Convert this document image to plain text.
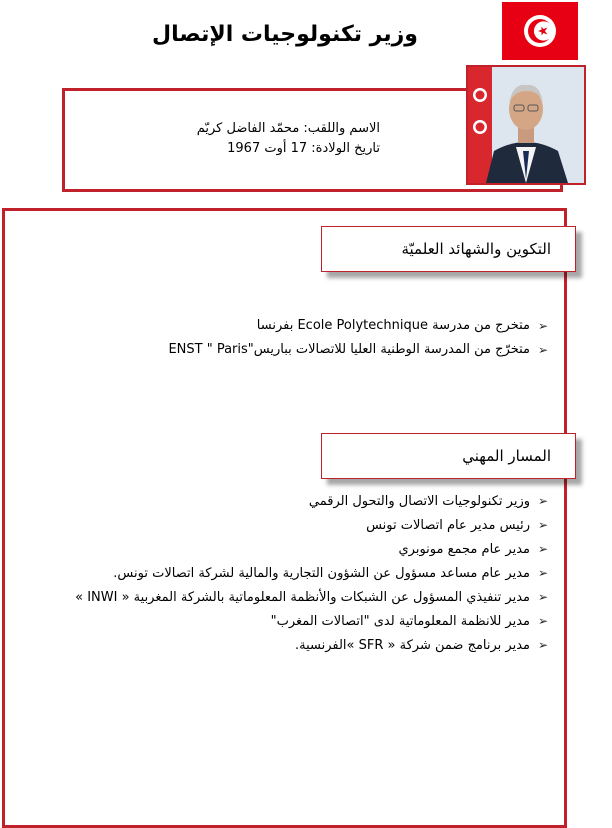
وزير تكنولوجيات الإتصال
الاسم واللقب: محمّد الفاضل كريّم
تاريخ الولادة: 17 أوت 1967
التكوين والشهائد العلميّة
➢
متخرج من مدرسة Ecole Polytechnique بفرنسا
➢
متخرّج من المدرسة الوطنية العليا للاتصالات بباريس"ENST " Paris
المسار المهني
➢
وزير تكنولوجيات الاتصال والتحول الرقمي
➢
رئيس مدير عام اتصالات تونس
➢
مدير عام مجمع مونوبري
➢
مدير عام مساعد مسؤول عن الشؤون التجارية والمالية لشركة اتصالات تونس.
➢
مدير تنفيذي المسؤول عن الشبكات والأنظمة المعلوماتية بالشركة المغربية « INWI »
➢
مدير للانظمة المعلوماتية لدى "اتصالات المغرب"
➢
مدير برنامج ضمن شركة « SFR »الفرنسية.
